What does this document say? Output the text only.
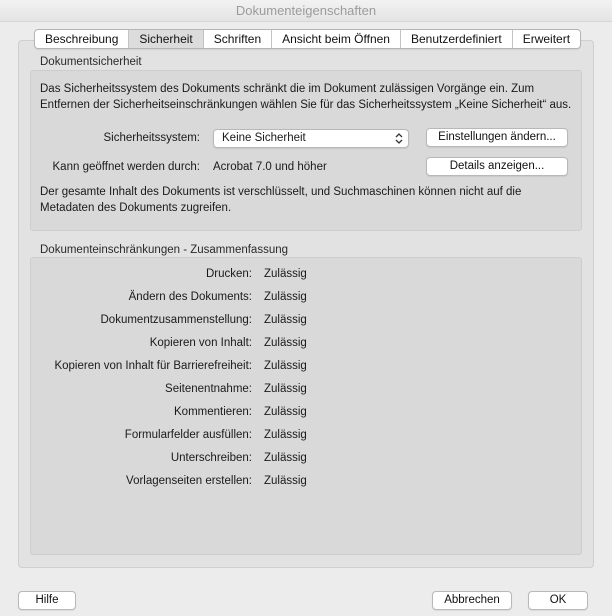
Dokumenteigenschaften
Beschreibung	Sicherheit	Schriften	Ansicht beim Öffnen	Benutzerdefiniert	Erweitert
Dokumentsicherheit
Das Sicherheitssystem des Dokuments schränkt die im Dokument zulässigen Vorgänge ein. Zum Entfernen der Sicherheitseinschränkungen wählen Sie für das Sicherheitssystem „Keine Sicherheit“ aus.
Sicherheitssystem:	Keine Sicherheit	Einstellungen ändern...
Kann geöffnet werden durch: Acrobat 7.0 und höher	Details anzeigen...
Der gesamte Inhalt des Dokuments ist verschlüsselt, und Suchmaschinen können nicht auf die Metadaten des Dokuments zugreifen.
Dokumenteinschränkungen - Zusammenfassung
Drucken: Zulässig
Ändern des Dokuments: Zulässig
Dokumentzusammenstellung: Zulässig
Kopieren von Inhalt: Zulässig
Kopieren von Inhalt für Barrierefreiheit: Zulässig
Seitenentnahme: Zulässig
Kommentieren: Zulässig
Formularfelder ausfüllen: Zulässig
Unterschreiben: Zulässig
Vorlagenseiten erstellen: Zulässig
Hilfe	Abbrechen	OK
